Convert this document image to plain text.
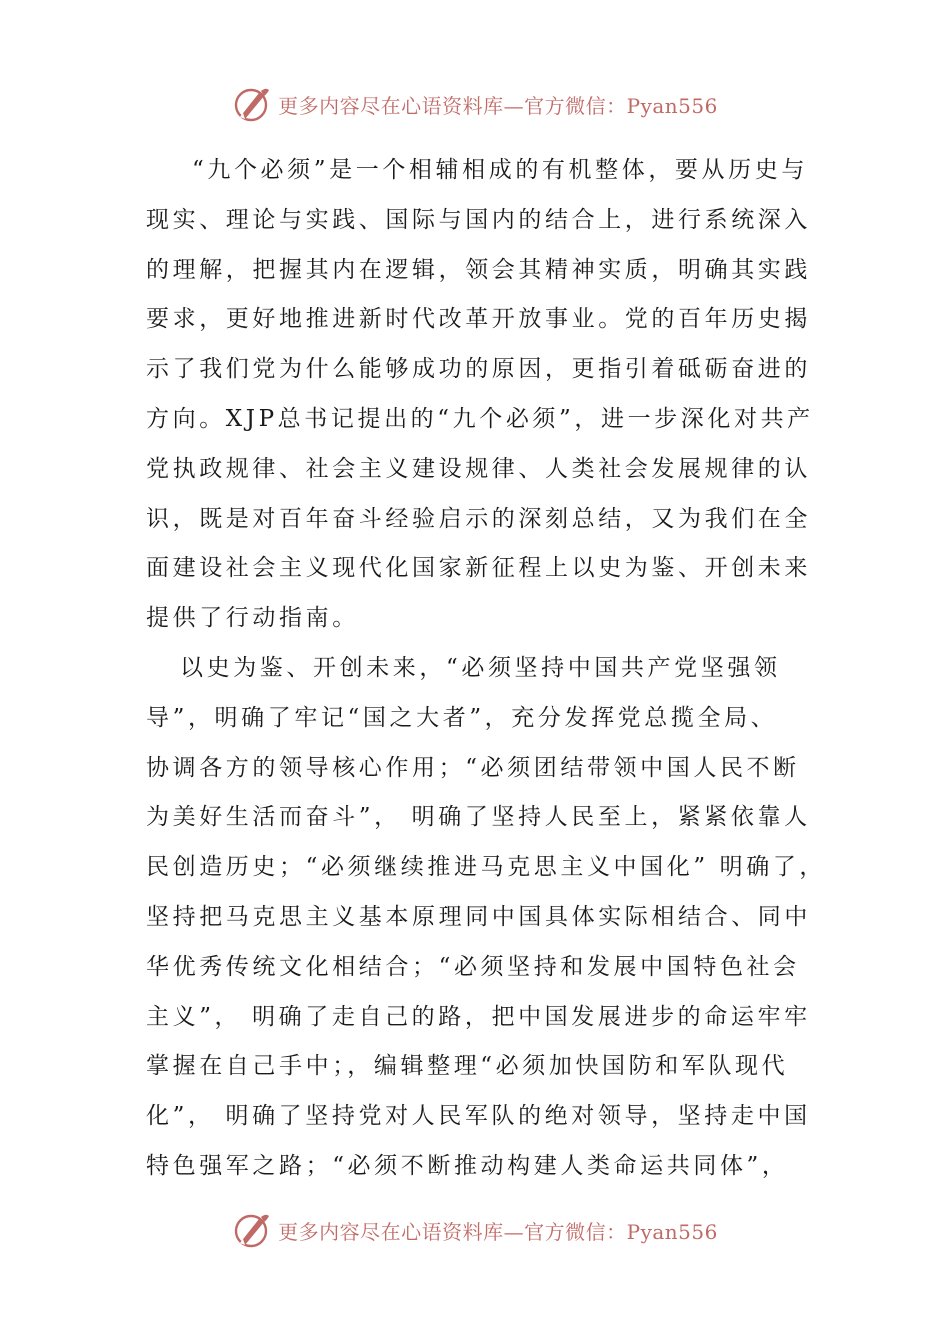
更多内容尽在心语资料库—官方微信：Pyan556
“九个必须”是一个相辅相成的有机整体，要从历史与
现实、理论与实践、国际与国内的结合上，进行系统深入
的理解，把握其内在逻辑，领会其精神实质，明确其实践
要求，更好地推进新时代改革开放事业。党的百年历史揭
示了我们党为什么能够成功的原因，更指引着砥砺奋进的
方向。XJP总书记提出的“九个必须”，进一步深化对共产
党执政规律、社会主义建设规律、人类社会发展规律的认
识，既是对百年奋斗经验启示的深刻总结，又为我们在全
面建设社会主义现代化国家新征程上以史为鉴、开创未来
提供了行动指南。
以史为鉴、开创未来，“必须坚持中国共产党坚强领
导”，明确了牢记“国之大者”，充分发挥党总揽全局、
协调各方的领导核心作用；“必须团结带领中国人民不断
为美好生活而奋斗”， 明确了坚持人民至上，紧紧依靠人
民创造历史；“必须继续推进马克思主义中国化” 明确了，
坚持把马克思主义基本原理同中国具体实际相结合、同中
华优秀传统文化相结合；“必须坚持和发展中国特色社会
主义”， 明确了走自己的路，把中国发展进步的命运牢牢
掌握在自己手中；，编辑整理“必须加快国防和军队现代
化”， 明确了坚持党对人民军队的绝对领导，坚持走中国
特色强军之路；“必须不断推动构建人类命运共同体”，
更多内容尽在心语资料库—官方微信：Pyan556
